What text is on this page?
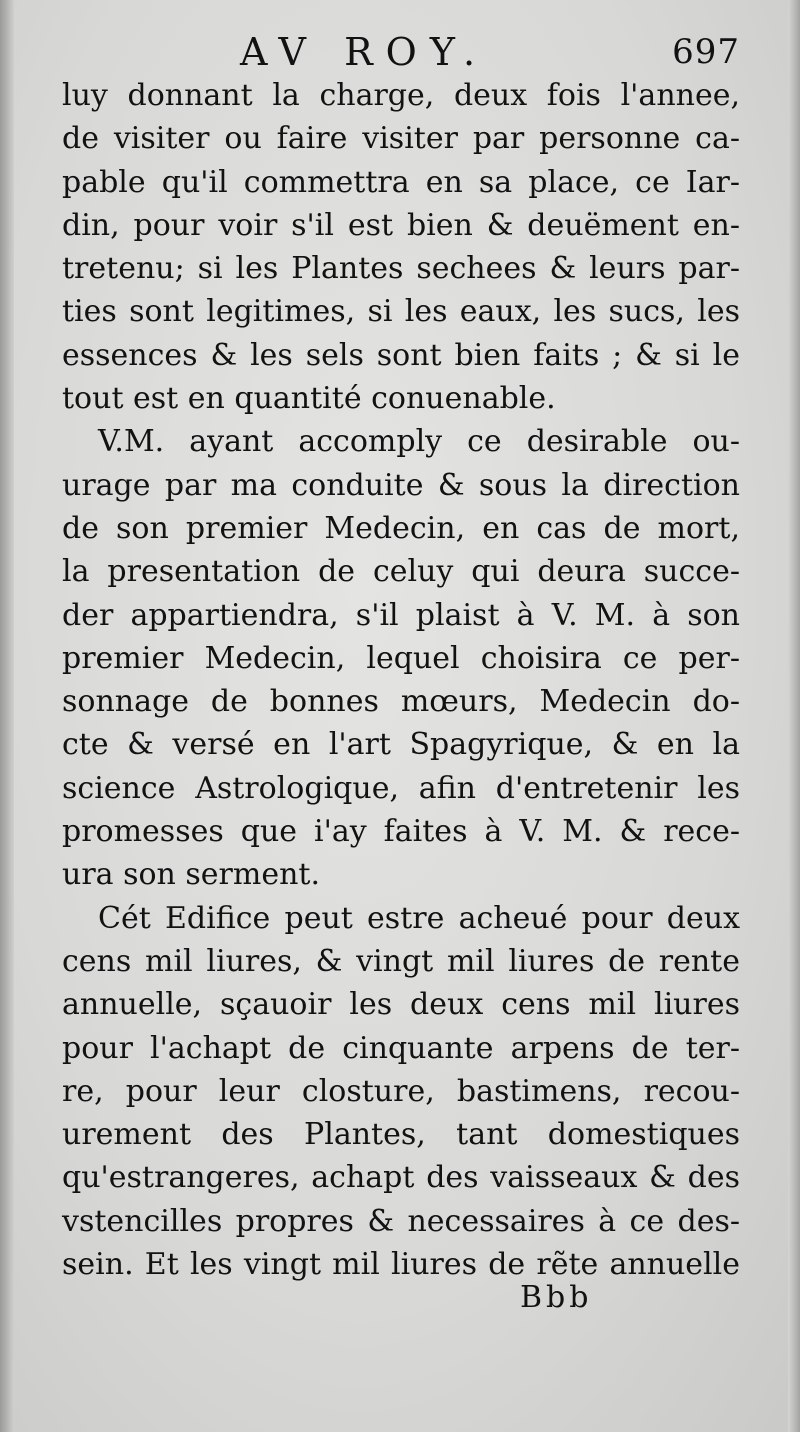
AV ROY.	697
luy donnant la charge, deux fois l'annee,
de visiter ou faire visiter par personne ca-
pable qu'il commettra en sa place, ce Iar-
din, pour voir s'il est bien & deuëment en-
tretenu; si les Plantes sechees & leurs par-
ties sont legitimes, si les eaux, les sucs, les
essences & les sels sont bien faits ; & si le
tout est en quantité conuenable.
V.M. ayant accomply ce desirable ou-
urage par ma conduite & sous la direction
de son premier Medecin, en cas de mort,
la presentation de celuy qui deura succe-
der appartiendra, s'il plaist à V. M. à son
premier Medecin, lequel choisira ce per-
sonnage de bonnes mœurs, Medecin do-
cte & versé en l'art Spagyrique, & en la
science Astrologique, afin d'entretenir les
promesses que i'ay faites à V. M. & rece-
ura son serment.
Cét Edifice peut estre acheué pour deux
cens mil liures, & vingt mil liures de rente
annuelle, sçauoir les deux cens mil liures
pour l'achapt de cinquante arpens de ter-
re, pour leur closture, bastimens, recou-
urement des Plantes, tant domestiques
qu'estrangeres, achapt des vaisseaux & des
vstencilles propres & necessaires à ce des-
sein. Et les vingt mil liures de rẽte annuelle
Bbb
